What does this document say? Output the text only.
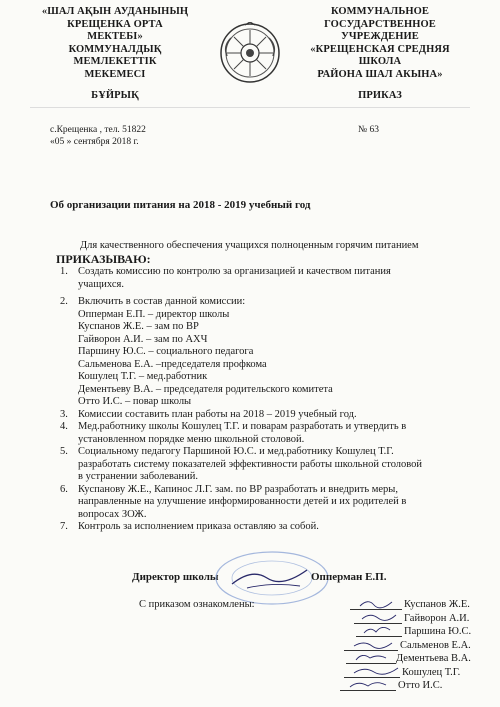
«ШАЛ АҚЫН АУДАНЫНЫҢ
КРЕЩЕНКА ОРТА
МЕКТЕБІ»
КОММУНАЛДЫҚ
МЕМЛЕКЕТТІК
МЕКЕМЕСІ
БҰЙРЫҚ
КОММУНАЛЬНОЕ
ГОСУДАРСТВЕННОЕ
УЧРЕЖДЕНИЕ
«КРЕЩЕНСКАЯ СРЕДНЯЯ
ШКОЛА
РАЙОНА ШАЛ АКЫНА»
ПРИКАЗ
с.Крещенка , тел. 51822
«05 » сентября 2018 г.
№ 63
Об организации питания на 2018 - 2019 учебный год
Для качественного обеспечения учащихся полноценным горячим питанием
ПРИКАЗЫВАЮ:
1. Создать комиссию по контролю за организацией и качеством питания
учащихся.
2. Включить в состав данной комиссии:
Опперман Е.П. – директор школы
Куспанов Ж.Е. – зам по ВР
Гайворон А.И. – зам по АХЧ
Паршину Ю.С. – социального педагога
Сальменова Е.А. –председателя профкома
Кошулец Т.Г. – мед.работник
Дементьеву В.А. – председателя родительского комитета
Отто И.С. – повар школы
3. Комиссии составить план работы на 2018 – 2019 учебный год.
4. Мед.работнику школы Кошулец Т.Г. и поварам разработать и утвердить в
установленном порядке меню школьной столовой.
5. Социальному педагогу Паршиной Ю.С. и мед.работнику Кошулец Т.Г.
разработать систему показателей эффективности работы школьной столовой
в устранении заболеваний.
6. Куспанову Ж.Е., Капинос Л.Г. зам. по ВР разработать и внедрить меры,
направленные на улучшение информированности детей и их родителей в
вопросах ЗОЖ.
7. Контроль за исполнением приказа оставляю за собой.
Директор школы	Опперман Е.П.
С приказом ознакомлены:	Куспанов Ж.Е.
Гайворон А.И.
Паршина Ю.С.
Сальменов Е.А.
Дементьева В.А.
Кошулец Т.Г.
Отто И.С.
